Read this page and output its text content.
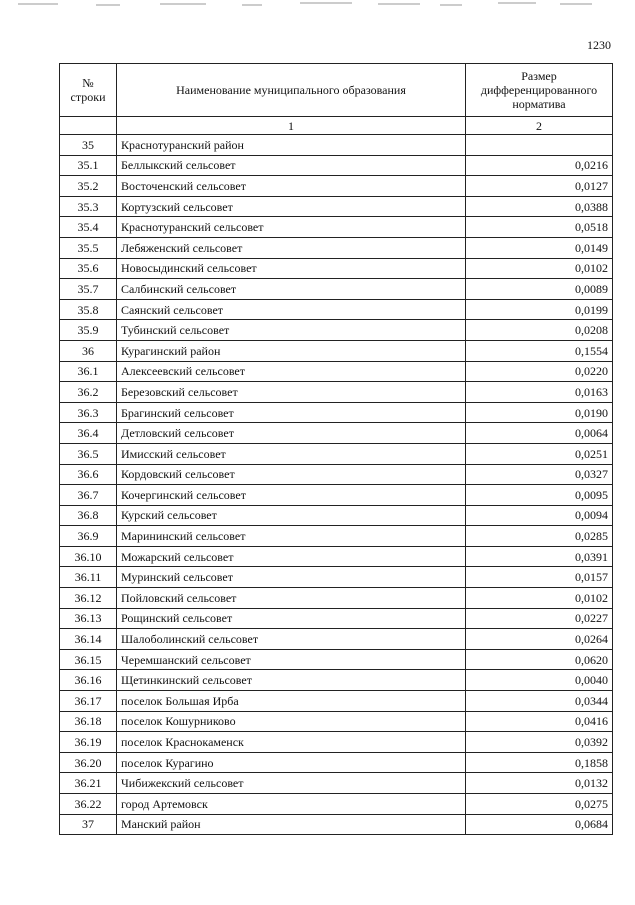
1230
№
строки	Наименование муниципального образования	Размер дифференцированного норматива
	1	2
35	Краснотуранский район	
35.1	Беллыкский сельсовет	0,0216
35.2	Восточенский сельсовет	0,0127
35.3	Кортузский сельсовет	0,0388
35.4	Краснотуранский сельсовет	0,0518
35.5	Лебяженский сельсовет	0,0149
35.6	Новосыдинский сельсовет	0,0102
35.7	Салбинский сельсовет	0,0089
35.8	Саянский сельсовет	0,0199
35.9	Тубинский сельсовет	0,0208
36	Курагинский район	0,1554
36.1	Алексеевский сельсовет	0,0220
36.2	Березовский сельсовет	0,0163
36.3	Брагинский сельсовет	0,0190
36.4	Детловский сельсовет	0,0064
36.5	Имисский сельсовет	0,0251
36.6	Кордовский сельсовет	0,0327
36.7	Кочергинский сельсовет	0,0095
36.8	Курский сельсовет	0,0094
36.9	Марининский сельсовет	0,0285
36.10	Можарский сельсовет	0,0391
36.11	Муринский сельсовет	0,0157
36.12	Пойловский сельсовет	0,0102
36.13	Рощинский сельсовет	0,0227
36.14	Шалоболинский сельсовет	0,0264
36.15	Черемшанский сельсовет	0,0620
36.16	Щетинкинский сельсовет	0,0040
36.17	поселок Большая Ирба	0,0344
36.18	поселок Кошурниково	0,0416
36.19	поселок Краснокаменск	0,0392
36.20	поселок Курагино	0,1858
36.21	Чибижекский сельсовет	0,0132
36.22	город Артемовск	0,0275
37	Манский район	0,0684
